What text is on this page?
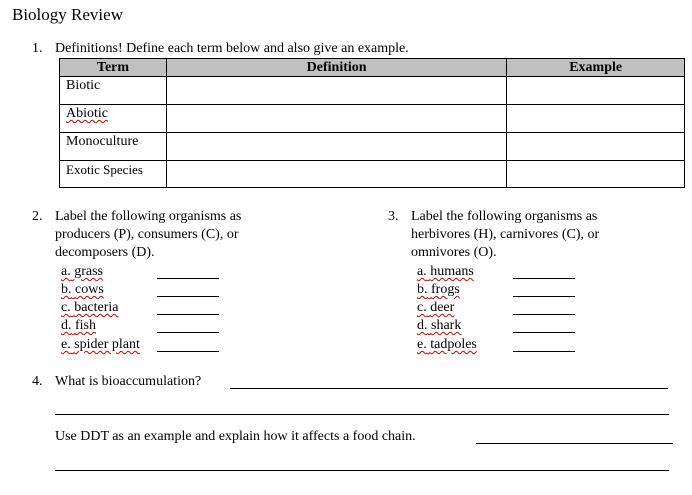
Biology Review
1. Definitions! Define each term below and also give an example.
Term	Definition	Example
Biotic		
Abiotic		
Monoculture		
Exotic Species		
2. Label the following organisms as
producers (P), consumers (C), or
decomposers (D).
a. grass
b. cows
c. bacteria
d. fish
e. spider plant
3. Label the following organisms as
herbivores (H), carnivores (C), or
omnivores (O).
a. humans
b. frogs
c. deer
d. shark
e. tadpoles
4. What is bioaccumulation?
Use DDT as an example and explain how it affects a food chain.
